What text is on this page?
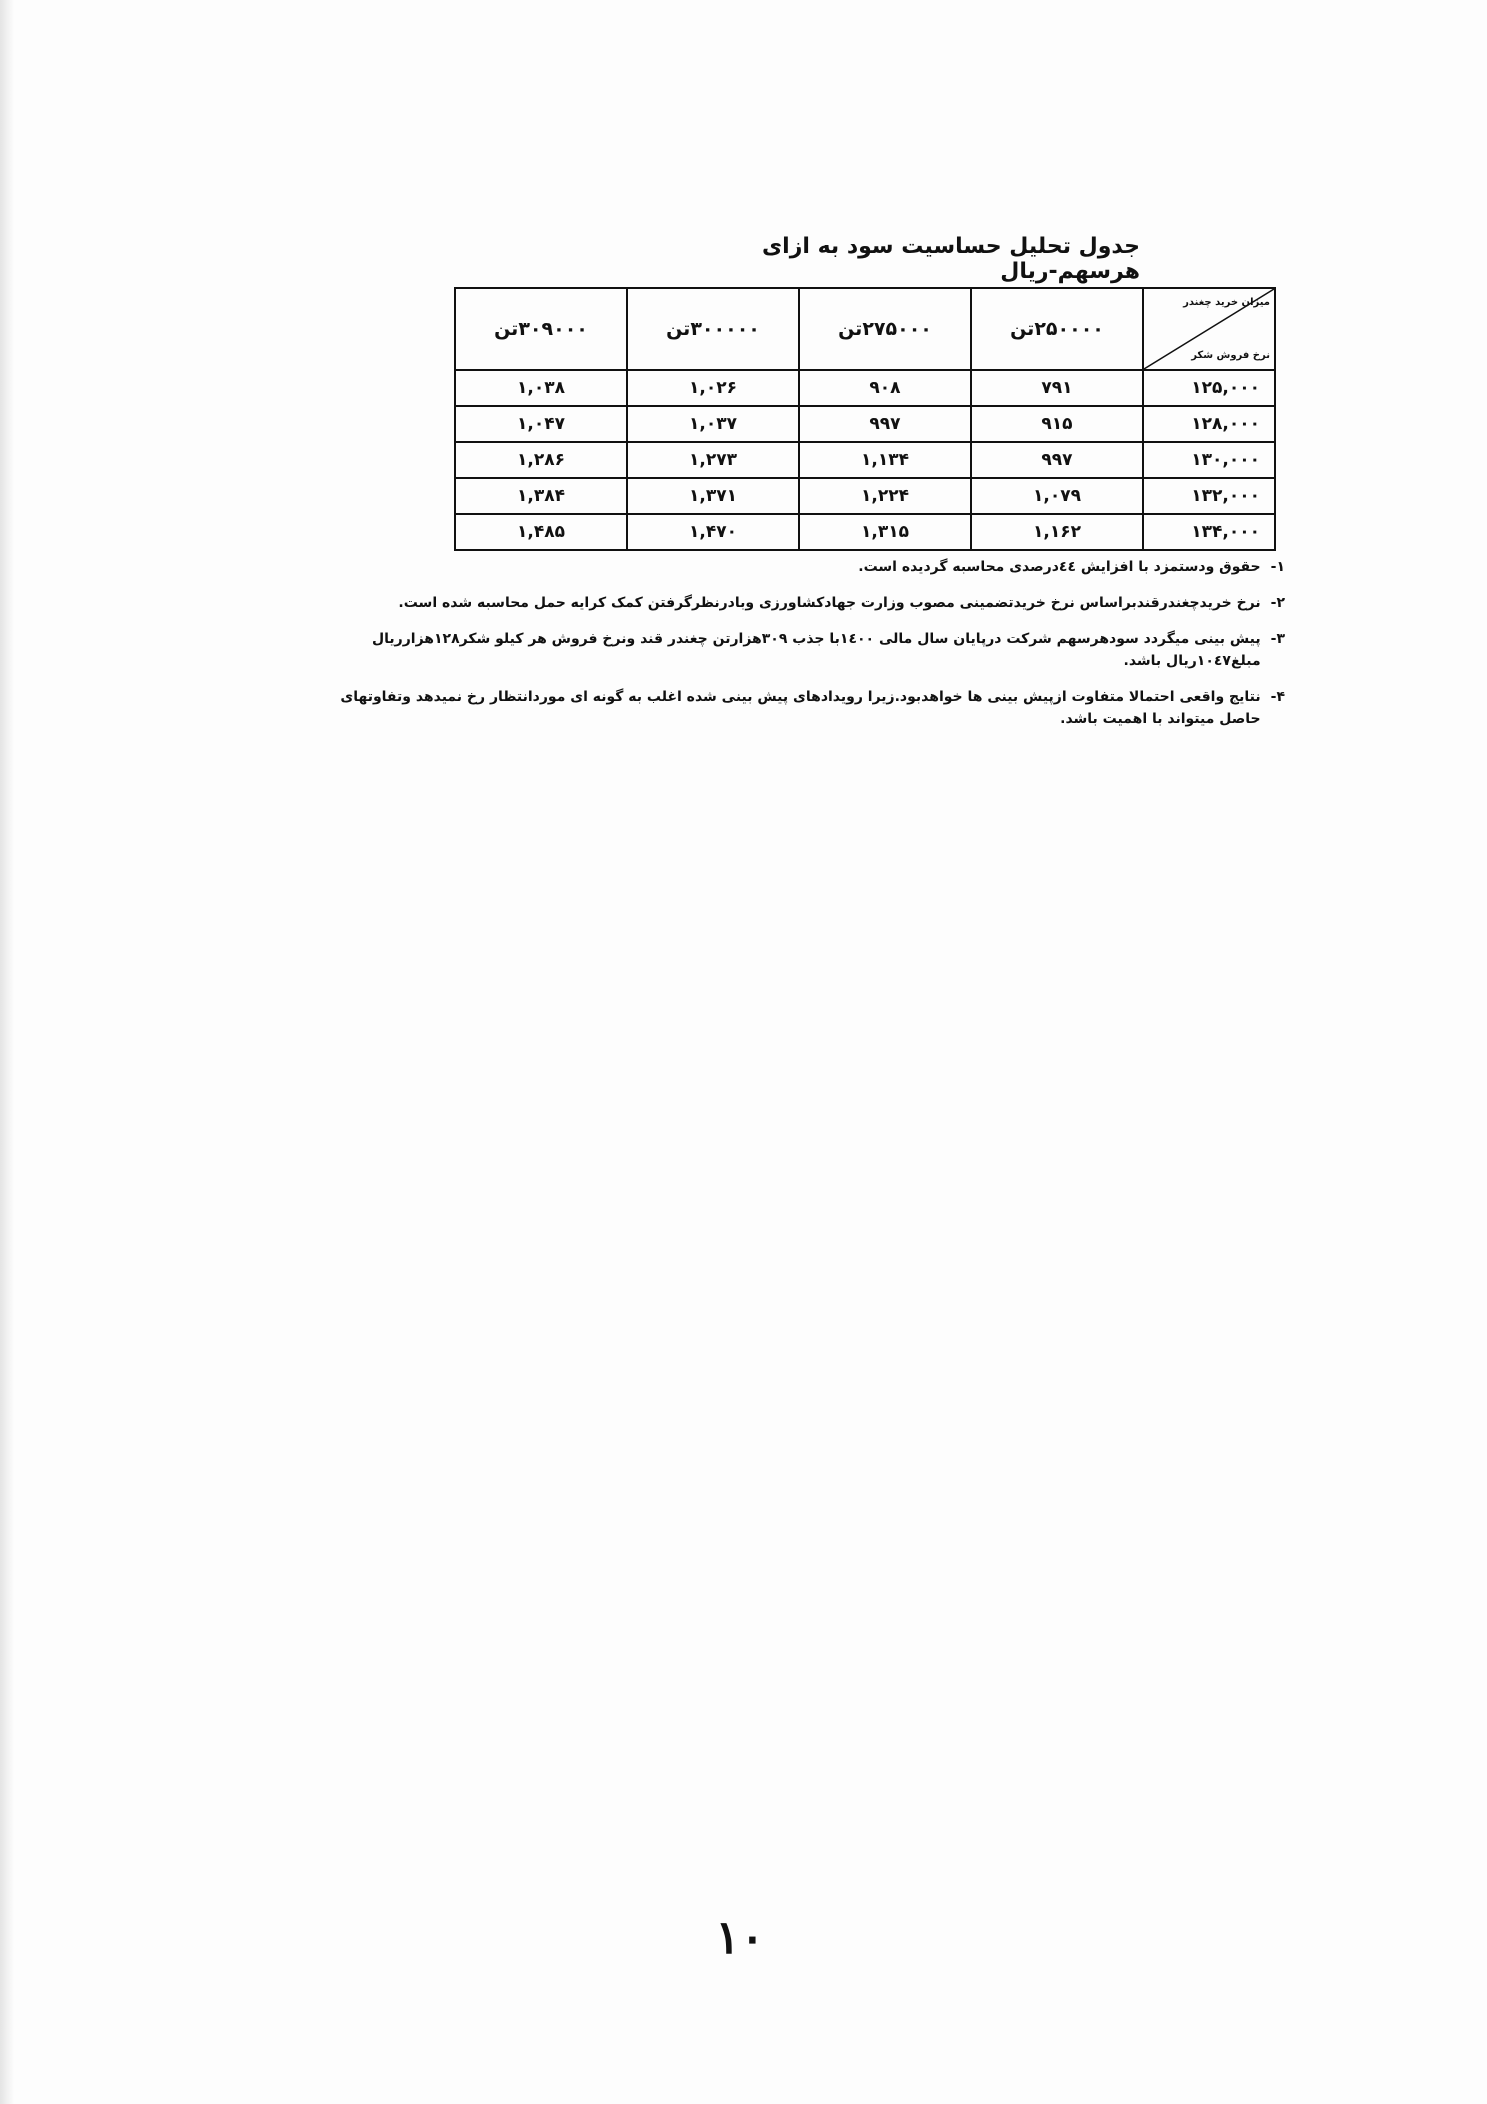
جدول تحلیل حساسیت سود به ازای هرسهم-ریال
میزان خرید چغندر
نرخ فروش شکر	۲۵۰۰۰۰تن	۲۷۵۰۰۰تن	۳۰۰۰۰۰تن	۳۰۹۰۰۰تن
۱۲۵,۰۰۰	۷۹۱	۹۰۸	۱,۰۲۶	۱,۰۳۸
۱۲۸,۰۰۰	۹۱۵	۹۹۷	۱,۰۳۷	۱,۰۴۷
۱۳۰,۰۰۰	۹۹۷	۱,۱۳۴	۱,۲۷۳	۱,۲۸۶
۱۳۲,۰۰۰	۱,۰۷۹	۱,۲۲۴	۱,۳۷۱	۱,۳۸۴
۱۳۴,۰۰۰	۱,۱۶۲	۱,۳۱۵	۱,۴۷۰	۱,۴۸۵
۱-
حقوق ودستمزد با افزایش ٤٤درصدی محاسبه گردیده است.
۲-
نرخ خریدچغندرقندبراساس نرخ خریدتضمینی مصوب وزارت جهادکشاورزی وبادرنظرگرفتن کمک کرایه حمل محاسبه شده است.
۳-
پیش بینی میگردد سودهرسهم شرکت درپایان سال مالی ۱٤۰۰با جذب ۳۰۹هزارتن چغندر قند ونرخ فروش هر کیلو شکر۱۲۸هزارریال مبلغ۱۰٤۷ریال باشد.
۴-
نتایج واقعی احتمالا متفاوت ازپیش بینی ها خواهدبود.زیرا رویدادهای پیش بینی شده اغلب به گونه ای موردانتظار رخ نمیدهد وتفاوتهای حاصل میتواند با اهمیت باشد.
۱۰
